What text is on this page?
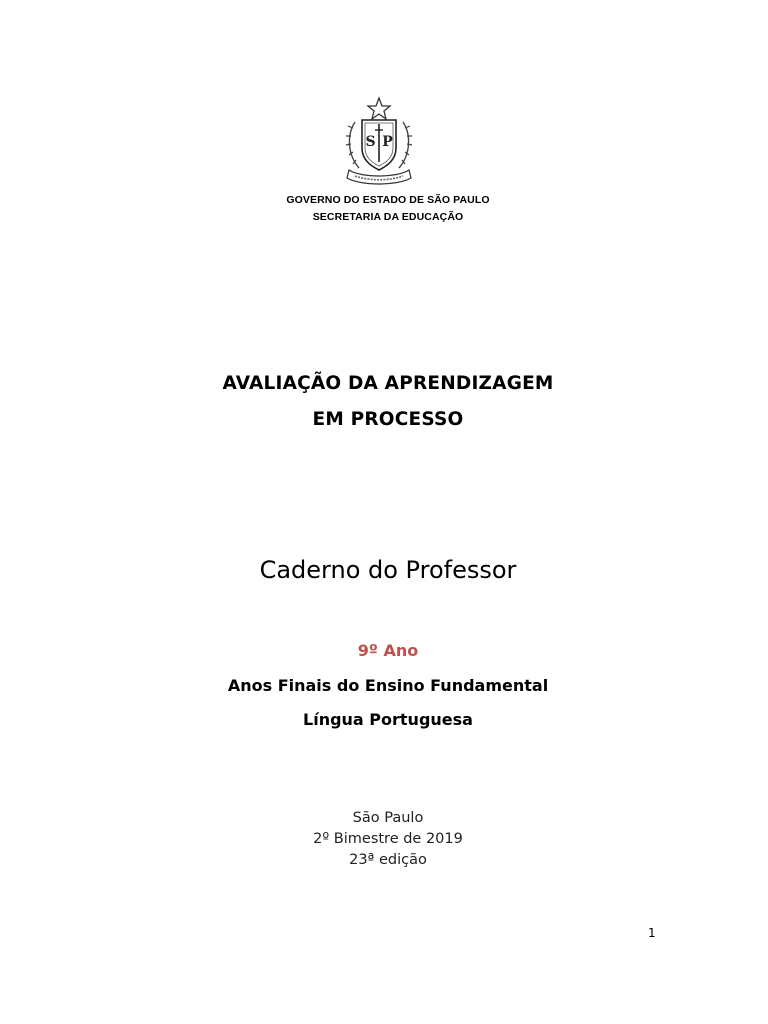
S P
GOVERNO DO ESTADO DE SÃO PAULO
SECRETARIA DA EDUCAÇÃO
AVALIAÇÃO DA APRENDIZAGEM
EM PROCESSO
Caderno do Professor
9º Ano
Anos Finais do Ensino Fundamental
Língua Portuguesa
São Paulo
2º Bimestre de 2019
23ª edição
1
